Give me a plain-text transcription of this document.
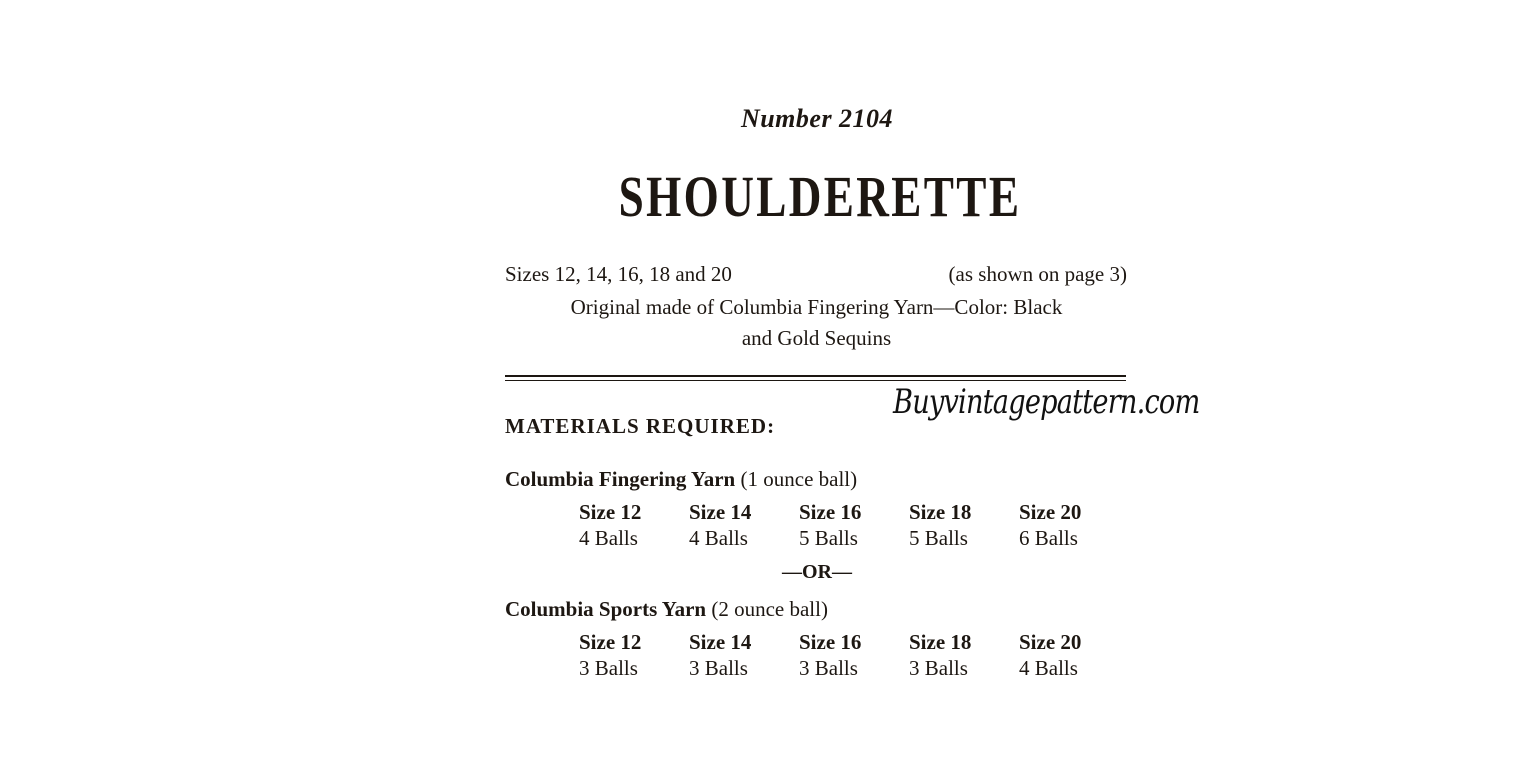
Number 2104
SHOULDERETTE
Sizes 12, 14, 16, 18 and 20	(as shown on page 3)
Original made of Columbia Fingering Yarn—Color: Black
and Gold Sequins
Buyvintagepattern.com
MATERIALS REQUIRED:
Columbia Fingering Yarn (1 ounce ball)
Size 12
4 Balls
Size 14
4 Balls
Size 16
5 Balls
Size 18
5 Balls
Size 20
6 Balls
—OR—
Columbia Sports Yarn (2 ounce ball)
Size 12
3 Balls
Size 14
3 Balls
Size 16
3 Balls
Size 18
3 Balls
Size 20
4 Balls
